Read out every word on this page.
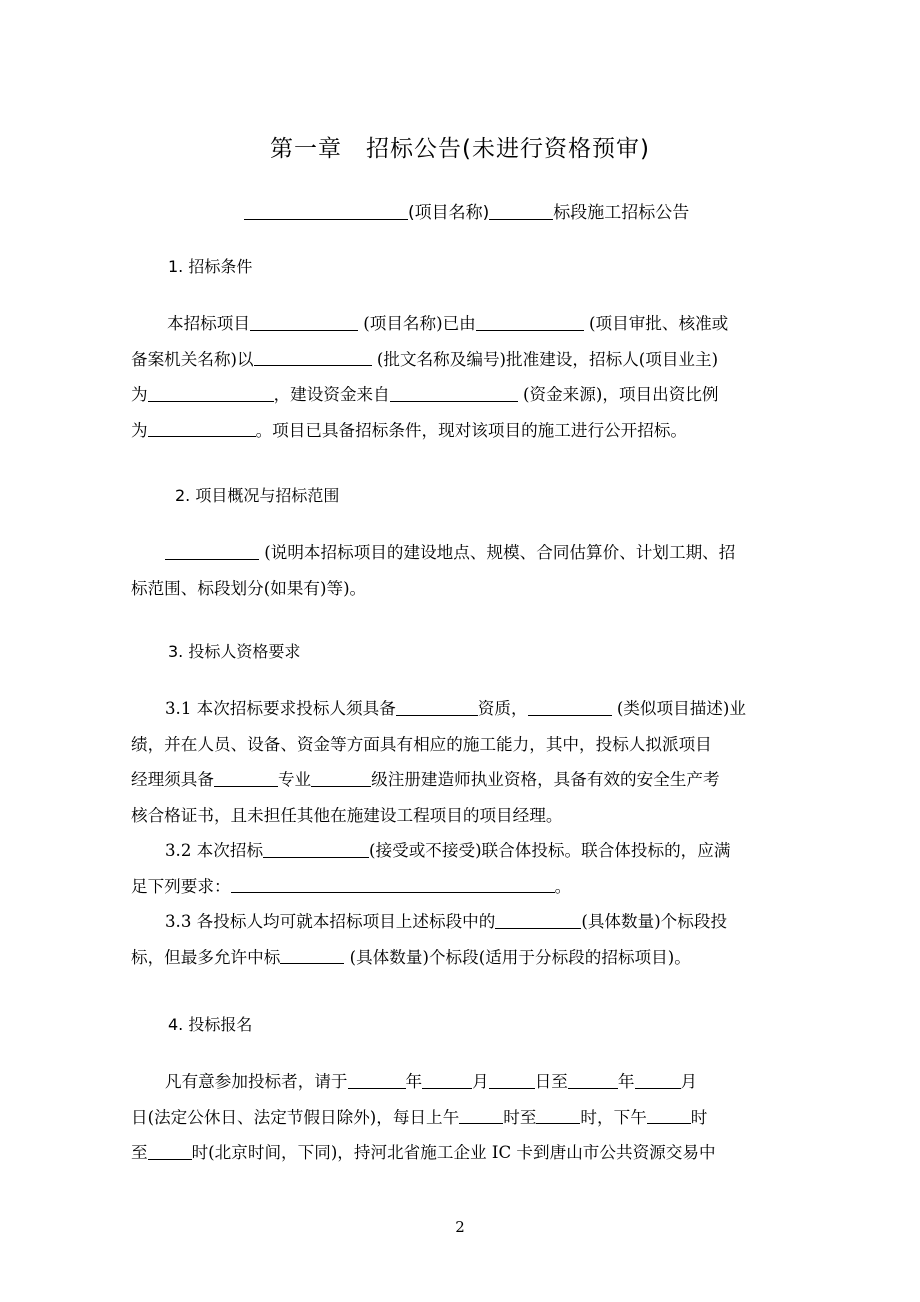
第一章　招标公告(未进行资格预审)
(项目名称)	标段施工招标公告
1. 招标条件
本招标项目	(项目名称)已由	(项目审批、核准或
备案机关名称)以	(批文名称及编号)批准建设，招标人(项目业主)
为	，建设资金来自	(资金来源)，项目出资比例
为	。项目已具备招标条件，现对该项目的施工进行公开招标。
2. 项目概况与招标范围
(说明本招标项目的建设地点、规模、合同估算价、计划工期、招
标范围、标段划分(如果有)等)。
3. 投标人资格要求
3.1 本次招标要求投标人须具备	资质，	(类似项目描述)业
绩，并在人员、设备、资金等方面具有相应的施工能力，其中，投标人拟派项目
经理须具备	专业	级注册建造师执业资格，具备有效的安全生产考
核合格证书，且未担任其他在施建设工程项目的项目经理。
3.2 本次招标	(接受或不接受)联合体投标。联合体投标的，应满
足下列要求：	。
3.3 各投标人均可就本招标项目上述标段中的	(具体数量)个标段投
标，但最多允许中标	(具体数量)个标段(适用于分标段的招标项目)。
4. 投标报名
凡有意参加投标者，请于	年	月	日至	年	月
日(法定公休日、法定节假日除外)，每日上午	时至	时，下午	时
至	时(北京时间，下同)，持河北省施工企业 IC 卡到唐山市公共资源交易中
2
